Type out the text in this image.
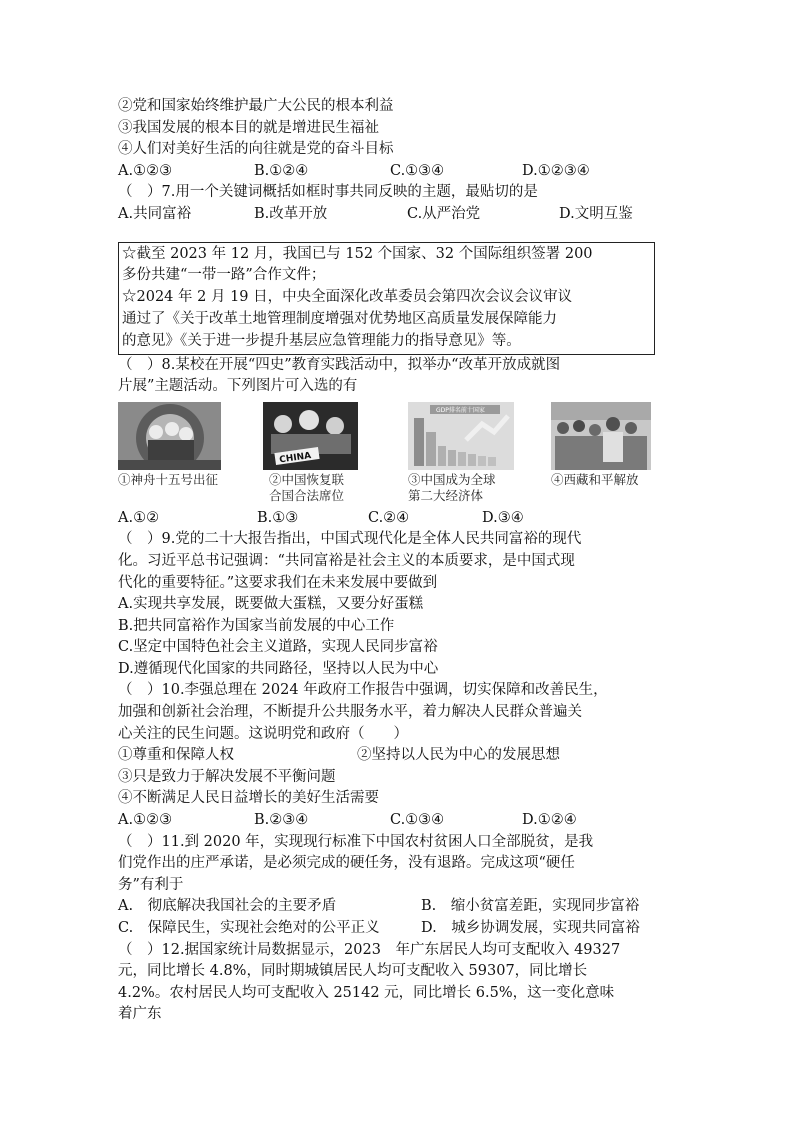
②党和国家始终维护最广大公民的根本利益
③我国发展的根本目的就是增进民生福祉
④人们对美好生活的向往就是党的奋斗目标
A.①②③	B.①②④	C.①③④	D.①②③④
（　）7.用一个关键词概括如框时事共同反映的主题，最贴切的是
A.共同富裕	B.改革开放	C.从严治党	D.文明互鉴
☆截至 2023 年 12 月，我国已与 152 个国家、32 个国际组织签署 200
多份共建“一带一路”合作文件；
☆2024 年 2 月 19 日，中央全面深化改革委员会第四次会议会议审议
通过了《关于改革土地管理制度增强对优势地区高质量发展保障能力
的意见》《关于进一步提升基层应急管理能力的指导意见》等。
（　）8.某校在开展“四史”教育实践活动中，拟举办“改革开放成就图
片展”主题活动。下列图片可入选的有
①神舟十五号出征
CHINA
②中国恢复联
合国合法席位
GDP排名前十国家
③中国成为全球
第二大经济体
④西藏和平解放
A.①②	B.①③	C.②④	D.③④
（　）9.党的二十大报告指出，中国式现代化是全体人民共同富裕的现代
化。习近平总书记强调：“共同富裕是社会主义的本质要求，是中国式现
代化的重要特征。”这要求我们在未来发展中要做到
A.实现共享发展，既要做大蛋糕，又要分好蛋糕
B.把共同富裕作为国家当前发展的中心工作
C.坚定中国特色社会主义道路，实现人民同步富裕
D.遵循现代化国家的共同路径，坚持以人民为中心
（　）10.李强总理在 2024 年政府工作报告中强调，切实保障和改善民生，
加强和创新社会治理，不断提升公共服务水平，着力解决人民群众普遍关
心关注的民生问题。这说明党和政府（　　）
①尊重和保障人权	②坚持以人民为中心的发展思想
③只是致力于解决发展不平衡问题
④不断满足人民日益增长的美好生活需要
A.①②③	B.②③④	C.①③④	D.①②④
（　）11.到 2020 年，实现现行标准下中国农村贫困人口全部脱贫，是我
们党作出的庄严承诺，是必须完成的硬任务，没有退路。完成这项“硬任
务”有利于
A.　彻底解决我国社会的主要矛盾	B.　缩小贫富差距，实现同步富裕
C.　保障民生，实现社会绝对的公平正义	D.　城乡协调发展，实现共同富裕
（　）12.据国家统计局数据显示，2023　年广东居民人均可支配收入 49327
元，同比增长 4.8%，同时期城镇居民人均可支配收入 59307，同比增长
4.2%。农村居民人均可支配收入 25142 元，同比增长 6.5%，这一变化意味
着广东
